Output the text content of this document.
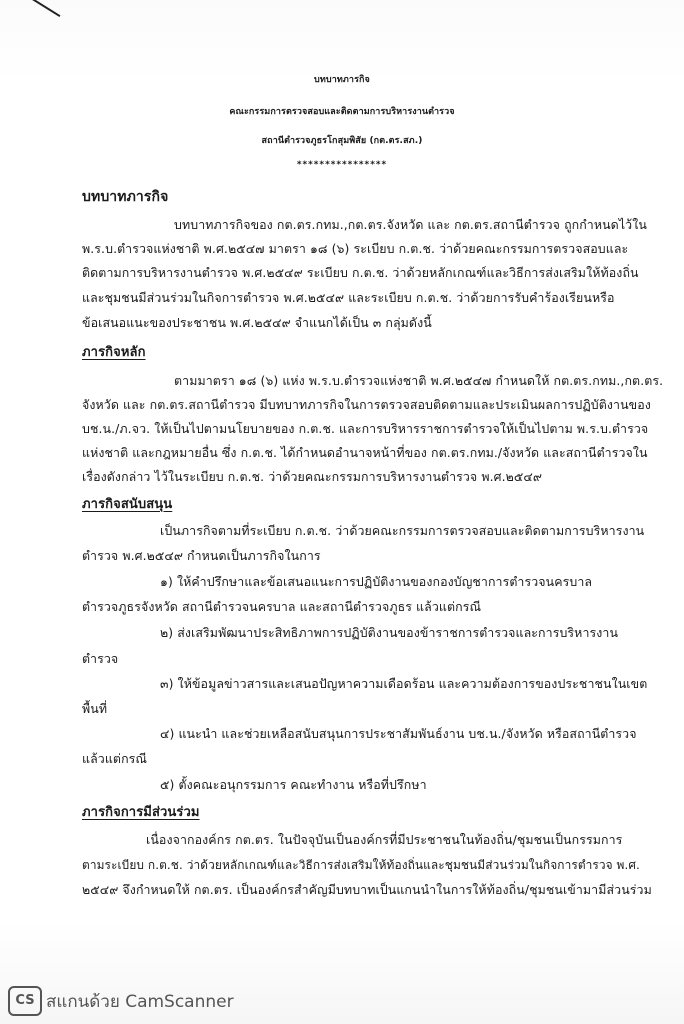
บทบาทภารกิจ
คณะกรรมการตรวจสอบและติดตามการบริหารงานตำรวจ
สถานีตำรวจภูธรโกสุมพิสัย (กต.ตร.สภ.)
****************
บทบาทภารกิจ
บทบาทภารกิจของ กต.ตร.กทม.,กต.ตร.จังหวัด และ กต.ตร.สถานีตำรวจ ถูกกำหนดไว้ใน
พ.ร.บ.ตำรวจแห่งชาติ พ.ศ.๒๕๔๗ มาตรา ๑๘ (๖) ระเบียบ ก.ต.ช. ว่าด้วยคณะกรรมการตรวจสอบและ
ติดตามการบริหารงานตำรวจ พ.ศ.๒๕๔๙ ระเบียบ ก.ต.ช. ว่าด้วยหลักเกณฑ์และวิธีการส่งเสริมให้ท้องถิ่น
และชุมชนมีส่วนร่วมในกิจการตำรวจ พ.ศ.๒๕๔๙ และระเบียบ ก.ต.ช. ว่าด้วยการรับคำร้องเรียนหรือ
ข้อเสนอแนะของประชาชน พ.ศ.๒๕๔๙ จำแนกได้เป็น ๓ กลุ่มดังนี้
ภารกิจหลัก
ตามมาตรา ๑๘ (๖) แห่ง พ.ร.บ.ตำรวจแห่งชาติ พ.ศ.๒๕๔๗ กำหนดให้ กต.ตร.กทม.,กต.ตร.
จังหวัด และ กต.ตร.สถานีตำรวจ มีบทบาทภารกิจในการตรวจสอบติดตามและประเมินผลการปฏิบัติงานของ
บช.น./ภ.จว. ให้เป็นไปตามนโยบายของ ก.ต.ช. และการบริหารราชการตำรวจให้เป็นไปตาม พ.ร.บ.ตำรวจ
แห่งชาติ และกฎหมายอื่น ซึ่ง ก.ต.ช. ได้กำหนดอำนาจหน้าที่ของ กต.ตร.กทม./จังหวัด และสถานีตำรวจใน
เรื่องดังกล่าว ไว้ในระเบียบ ก.ต.ช. ว่าด้วยคณะกรรมการบริหารงานตำรวจ พ.ศ.๒๕๔๙
ภารกิจสนับสนุน
เป็นภารกิจตามที่ระเบียบ ก.ต.ช. ว่าด้วยคณะกรรมการตรวจสอบและติดตามการบริหารงาน
ตำรวจ พ.ศ.๒๕๔๙ กำหนดเป็นภารกิจในการ
๑) ให้คำปรึกษาและข้อเสนอแนะการปฏิบัติงานของกองบัญชาการตำรวจนครบาล
ตำรวจภูธรจังหวัด สถานีตำรวจนครบาล และสถานีตำรวจภูธร แล้วแต่กรณี
๒) ส่งเสริมพัฒนาประสิทธิภาพการปฏิบัติงานของข้าราชการตำรวจและการบริหารงาน
ตำรวจ
๓) ให้ข้อมูลข่าวสารและเสนอปัญหาความเดือดร้อน และความต้องการของประชาชนในเขต
พื้นที่
๔) แนะนำ และช่วยเหลือสนับสนุนการประชาสัมพันธ์งาน บช.น./จังหวัด หรือสถานีตำรวจ
แล้วแต่กรณี
๕) ตั้งคณะอนุกรรมการ คณะทำงาน หรือที่ปรึกษา
ภารกิจการมีส่วนร่วม
เนื่องจากองค์กร กต.ตร. ในปัจจุบันเป็นองค์กรที่มีประชาชนในท้องถิ่น/ชุมชนเป็นกรรมการ
ตามระเบียบ ก.ต.ช. ว่าด้วยหลักเกณฑ์และวิธีการส่งเสริมให้ท้องถิ่นและชุมชนมีส่วนร่วมในกิจการตำรวจ พ.ศ.
๒๕๔๙ จึงกำหนดให้ กต.ตร. เป็นองค์กรสำคัญมีบทบาทเป็นแกนนำในการให้ท้องถิ่น/ชุมชนเข้ามามีส่วนร่วม
CS สแกนด้วย CamScanner
